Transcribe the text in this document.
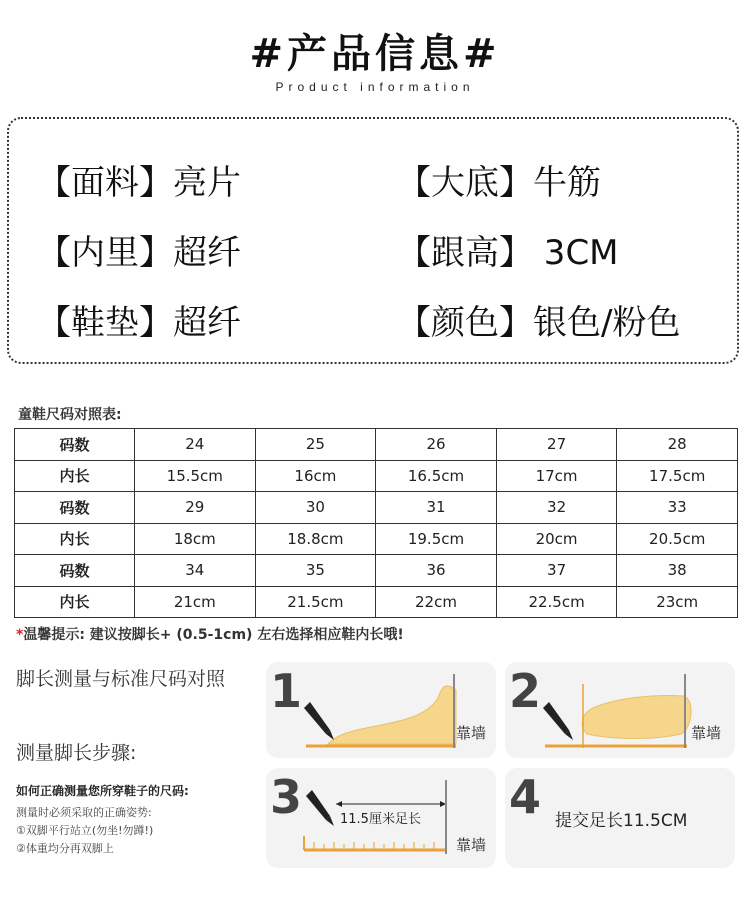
#产品信息#
Product information
【面料】亮片	【大底】牛筋
【内里】超纤	【跟高】 3CM
【鞋垫】超纤	【颜色】银色/粉色
童鞋尺码对照表:
码数	24	25	26	27	28
内长	15.5cm	16cm	16.5cm	17cm	17.5cm
码数	29	30	31	32	33
内长	18cm	18.8cm	19.5cm	20cm	20.5cm
码数	34	35	36	37	38
内长	21cm	21.5cm	22cm	22.5cm	23cm
*温馨提示: 建议按脚长+ (0.5-1cm) 左右选择相应鞋内长哦!
脚长测量与标准尺码对照
测量脚长步骤:
如何正确测量您所穿鞋子的尺码:
测量时必须采取的正确姿势:
①双脚平行站立(勿坐!勿蹲!)
②体重均分再双脚上
1
靠墙
2
靠墙
3	11.5厘米足长
靠墙
4 提交足长11.5CM
